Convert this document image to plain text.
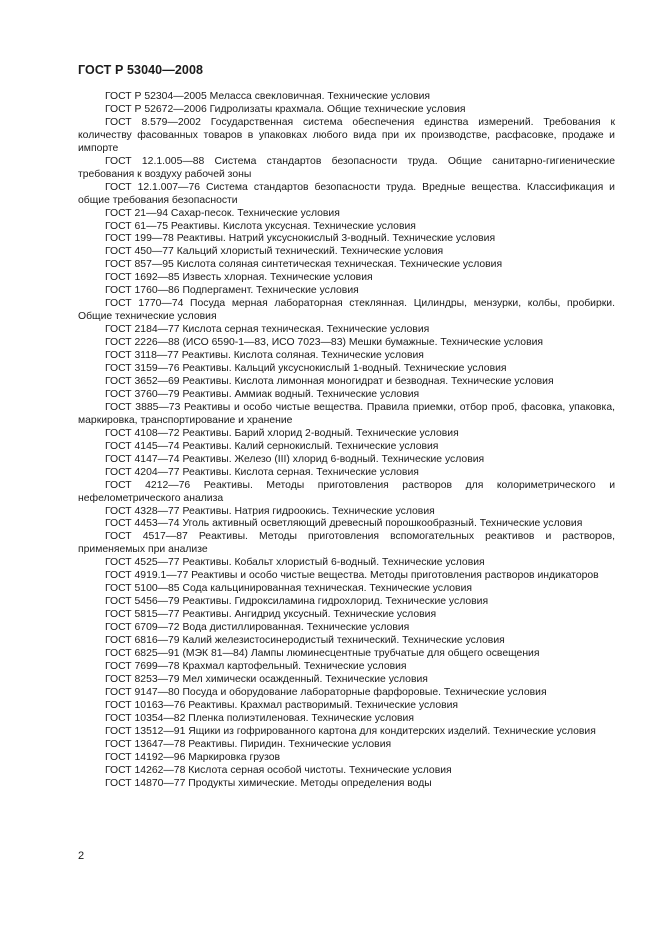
ГОСТ Р 53040—2008

ГОСТ Р 52304—2005 Меласса свекловичная. Технические условия

ГОСТ Р 52672—2006 Гидролизаты крахмала. Общие технические условия

ГОСТ 8.579—2002 Государственная система обеспечения единства измерений. Требования к количеству фасованных товаров в упаковках любого вида при их производстве, расфасовке, продаже и импорте

ГОСТ 12.1.005—88 Система стандартов безопасности труда. Общие санитарно-гигиенические требования к воздуху рабочей зоны

ГОСТ 12.1.007—76 Система стандартов безопасности труда. Вредные вещества. Классификация и общие требования безопасности

ГОСТ 21—94 Сахар-песок. Технические условия

ГОСТ 61—75 Реактивы. Кислота уксусная. Технические условия

ГОСТ 199—78 Реактивы. Натрий уксуснокислый 3-водный. Технические условия

ГОСТ 450—77 Кальций хлористый технический. Технические условия

ГОСТ 857—95 Кислота соляная синтетическая техническая. Технические условия

ГОСТ 1692—85 Известь хлорная. Технические условия

ГОСТ 1760—86 Подпергамент. Технические условия

ГОСТ 1770—74 Посуда мерная лабораторная стеклянная. Цилиндры, мензурки, колбы, пробирки. Общие технические условия

ГОСТ 2184—77 Кислота серная техническая. Технические условия

ГОСТ 2226—88 (ИСО 6590-1—83, ИСО 7023—83) Мешки бумажные. Технические условия

ГОСТ 3118—77 Реактивы. Кислота соляная. Технические условия

ГОСТ 3159—76 Реактивы. Кальций уксуснокислый 1-водный. Технические условия

ГОСТ 3652—69 Реактивы. Кислота лимонная моногидрат и безводная. Технические условия

ГОСТ 3760—79 Реактивы. Аммиак водный. Технические условия

ГОСТ 3885—73 Реактивы и особо чистые вещества. Правила приемки, отбор проб, фасовка, упаковка, маркировка, транспортирование и хранение

ГОСТ 4108—72 Реактивы. Барий хлорид 2-водный. Технические условия

ГОСТ 4145—74 Реактивы. Калий сернокислый. Технические условия

ГОСТ 4147—74 Реактивы. Железо (III) хлорид 6-водный. Технические условия

ГОСТ 4204—77 Реактивы. Кислота серная. Технические условия

ГОСТ 4212—76 Реактивы. Методы приготовления растворов для колориметрического и нефелометрического анализа

ГОСТ 4328—77 Реактивы. Натрия гидроокись. Технические условия

ГОСТ 4453—74 Уголь активный осветляющий древесный порошкообразный. Технические условия

ГОСТ 4517—87 Реактивы. Методы приготовления вспомогательных реактивов и растворов, применяемых при анализе

ГОСТ 4525—77 Реактивы. Кобальт хлористый 6-водный. Технические условия

ГОСТ 4919.1—77 Реактивы и особо чистые вещества. Методы приготовления растворов индикаторов

ГОСТ 5100—85 Сода кальцинированная техническая. Технические условия

ГОСТ 5456—79 Реактивы. Гидроксиламина гидрохлорид. Технические условия

ГОСТ 5815—77 Реактивы. Ангидрид уксусный. Технические условия

ГОСТ 6709—72 Вода дистиллированная. Технические условия

ГОСТ 6816—79 Калий железистосинеродистый технический. Технические условия

ГОСТ 6825—91 (МЭК 81—84) Лампы люминесцентные трубчатые для общего освещения

ГОСТ 7699—78 Крахмал картофельный. Технические условия

ГОСТ 8253—79 Мел химически осажденный. Технические условия

ГОСТ 9147—80 Посуда и оборудование лабораторные фарфоровые. Технические условия

ГОСТ 10163—76 Реактивы. Крахмал растворимый. Технические условия

ГОСТ 10354—82 Пленка полиэтиленовая. Технические условия

ГОСТ 13512—91 Ящики из гофрированного картона для кондитерских изделий. Технические условия

ГОСТ 13647—78 Реактивы. Пиридин. Технические условия

ГОСТ 14192—96 Маркировка грузов

ГОСТ 14262—78 Кислота серная особой чистоты. Технические условия

ГОСТ 14870—77 Продукты химические. Методы определения воды

2
